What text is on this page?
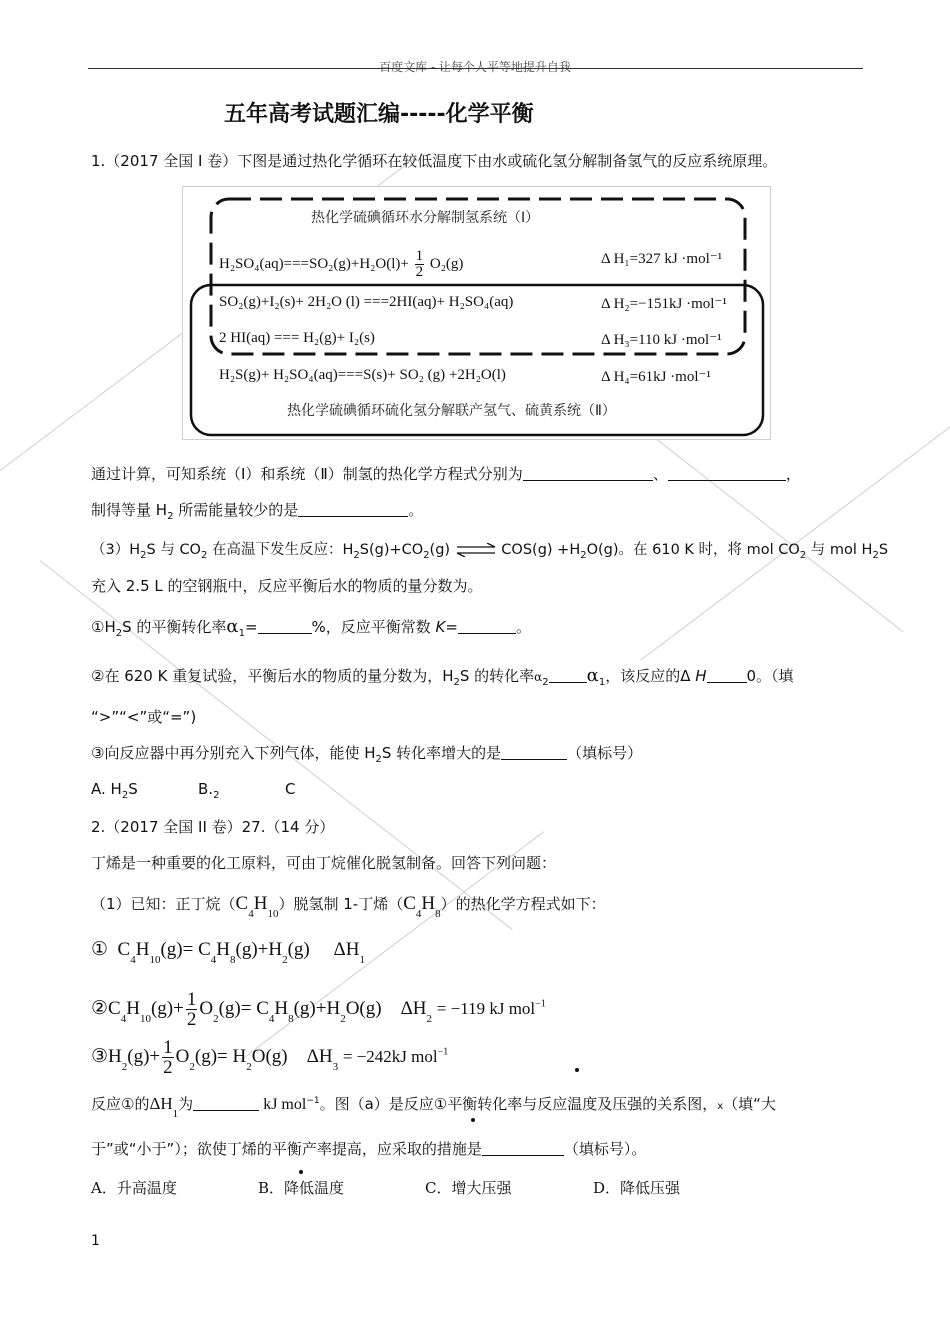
百度文库 - 让每个人平等地提升自我
五年高考试题汇编-----化学平衡
1.（2017 全国 I 卷）下图是通过热化学循环在较低温度下由水或硫化氢分解制备氢气的反应系统原理。
热化学硫碘循环水分解制氢系统（Ⅰ）
$H_2SO_4(aq)===SO_2(g)+H_2O(l)+ \frac{1}{2} O_2(g)$	Δ H₁=327 kJ ·mol⁻¹
SO₂(g)+I₂(s)+ 2H₂O (l) ===2HI(aq)+ H₂SO₄(aq)	Δ H₂=−151kJ ·mol⁻¹
2 HI(aq) === H₂(g)+ I₂(s)	Δ H₃=110 kJ ·mol⁻¹
H₂S(g)+ H₂SO₄(aq)===S(s)+ SO₂ (g) +2H₂O(l)	Δ H₄=61kJ ·mol⁻¹
热化学硫碘循环硫化氢分解联产氢气、硫黄系统（Ⅱ）
通过计算，可知系统（Ⅰ）和系统（Ⅱ）制氢的热化学方程式分别为	、	，
制得等量 $H_2$ 所需能量较少的是	。
$(3)H_2S$ 与 $CO_2$ 在高温下发生反应：$H_2S(g)+CO_2(g)$ ⇌ $COS(g) +H_2O(g)$。在 610 K 时，将 mol $CO_2$ 与 mol $H_2S$
充入 2.5 L 的空钢瓶中，反应平衡后水的物质的量分数为。
$①H_2S$ 的平衡转化率$\alpha_1=$	%，反应平衡常数 K=	。
②在 620 K 重复试验，平衡后水的物质的量分数为，$H_2S$ 的转化率$\alpha_2$ $\alpha_1$，该反应的Δ H	0。（填
“>”“<”或“=”)
③向反应器中再分别充入下列气体，能使 $H_2S$ 转化率增大的是	（填标号）
A. $H_2S$	$B._2$	C
2.（2017 全国 II 卷）27.（14 分）
丁烯是一种重要的化工原料，可由丁烷催化脱氢制备。回答下列问题：
（1）已知：正丁烷$(C_4H_{10})$脱氢制 1-丁烯$(C_4H_8)$的热化学方程式如下：
①  $C_4H_{10}(g)= C_4H_8(g)+H_2(g)$     $\Delta H_1$
$②C_4H_{10}(g)+ \frac{1}{2} O_2(g)= C_4H_8(g)+H_2O(g)$    $\Delta H_2 = -119$ kJ mol$^{-1}$
$③H_2(g)+ \frac{1}{2} O_2(g)= H_2O(g)$    $\Delta H_3 = -242kJ$ mol$^{-1}$
反应①的$\Delta H_1$为	kJ mol$^{-1}$。图（a）是反应①平衡转化率与反应温度及压强的关系图，x（填“大
于”或“小于”）；欲使丁烯的平衡产率提高，应采取的措施是	（填标号）。
A．升高温度	B．降低温度	C．增大压强	D．降低压强
1
